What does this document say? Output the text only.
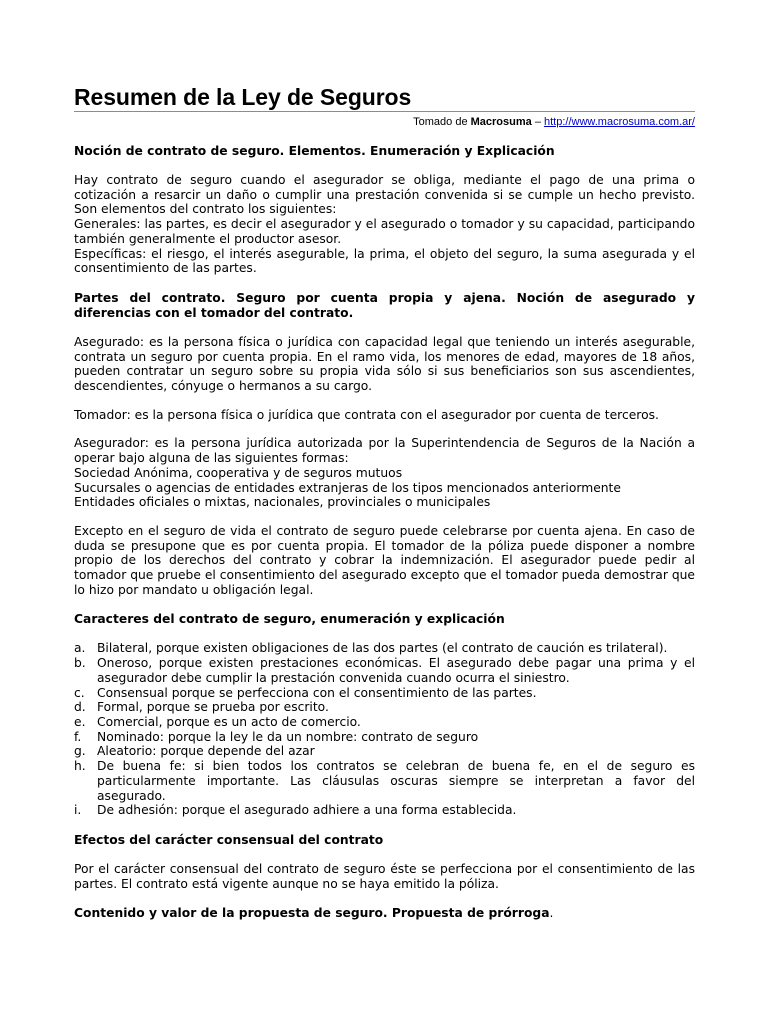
Resumen de la Ley de Seguros
Tomado de Macrosuma – http://www.macrosuma.com.ar/

Noción de contrato de seguro. Elementos. Enumeración y Explicación

Hay contrato de seguro cuando el asegurador se obliga, mediante el pago de una prima o cotización a resarcir un daño o cumplir una prestación convenida si se cumple un hecho previsto. Son elementos del contrato los siguientes:
Generales: las partes, es decir el asegurador y el asegurado o tomador y su capacidad, participando también generalmente el productor asesor.
Específicas: el riesgo, el interés asegurable, la prima, el objeto del seguro, la suma asegurada y el consentimiento de las partes.

Partes del contrato. Seguro por cuenta propia y ajena. Noción de asegurado y diferencias con el tomador del contrato.

Asegurado: es la persona física o jurídica con capacidad legal que teniendo un interés asegurable, contrata un seguro por cuenta propia. En el ramo vida, los menores de edad, mayores de 18 años, pueden contratar un seguro sobre su propia vida sólo si sus beneficiarios son sus ascendientes, descendientes, cónyuge o hermanos a su cargo.

Tomador: es la persona física o jurídica que contrata con el asegurador por cuenta de terceros.

Asegurador: es la persona jurídica autorizada por la Superintendencia de Seguros de la Nación a operar bajo alguna de las siguientes formas:
Sociedad Anónima, cooperativa y de seguros mutuos
Sucursales o agencias de entidades extranjeras de los tipos mencionados anteriormente
Entidades oficiales o mixtas, nacionales, provinciales o municipales

Excepto en el seguro de vida el contrato de seguro puede celebrarse por cuenta ajena. En caso de duda se presupone que es por cuenta propia. El tomador de la póliza puede disponer a nombre propio de los derechos del contrato y cobrar la indemnización. El asegurador puede pedir al tomador que pruebe el consentimiento del asegurado excepto que el tomador pueda demostrar que lo hizo por mandato u obligación legal.

Caracteres del contrato de seguro, enumeración y explicación

a. Bilateral, porque existen obligaciones de las dos partes (el contrato de caución es trilateral).
b. Oneroso, porque existen prestaciones económicas. El asegurado debe pagar una prima y el asegurador debe cumplir la prestación convenida cuando ocurra el siniestro.
c. Consensual porque se perfecciona con el consentimiento de las partes.
d. Formal, porque se prueba por escrito.
e. Comercial, porque es un acto de comercio.
f. Nominado: porque la ley le da un nombre: contrato de seguro
g. Aleatorio: porque depende del azar
h. De buena fe: si bien todos los contratos se celebran de buena fe, en el de seguro es particularmente importante. Las cláusulas oscuras siempre se interpretan a favor del asegurado.
i. De adhesión: porque el asegurado adhiere a una forma establecida.

Efectos del carácter consensual del contrato

Por el carácter consensual del contrato de seguro éste se perfecciona por el consentimiento de las partes. El contrato está vigente aunque no se haya emitido la póliza.

Contenido y valor de la propuesta de seguro. Propuesta de prórroga.
